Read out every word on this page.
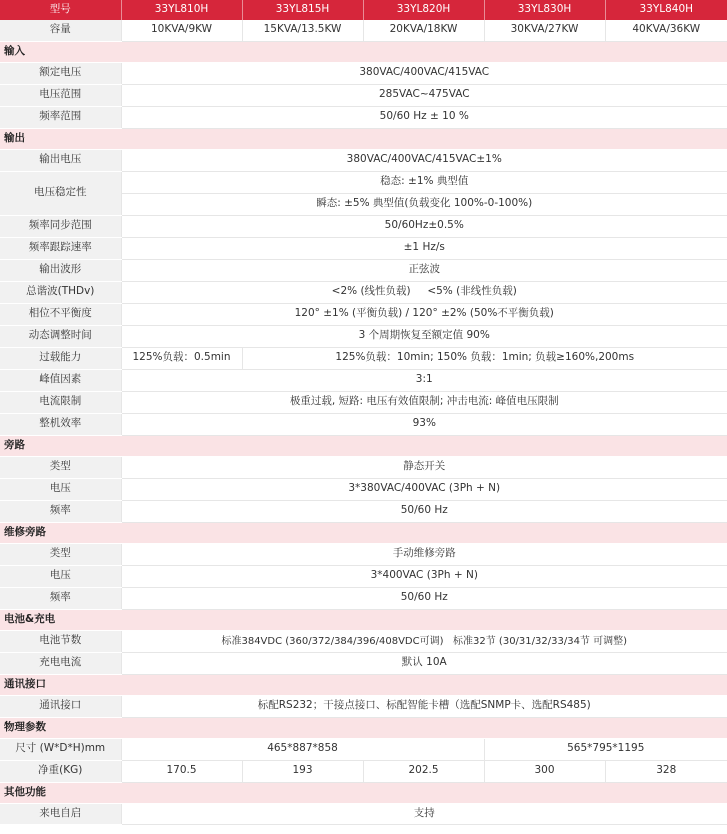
型号	33YL810H	33YL815H	33YL820H	33YL830H	33YL840H
容量	10KVA/9KW	15KVA/13.5KW	20KVA/18KW	30KVA/27KW	40KVA/36KW
输入					
额定电压	380VAC/400VAC/415VAC				
电压范围	285VAC~475VAC				
频率范围	50/60 Hz ± 10 %				
输出					
输出电压	380VAC/400VAC/415VAC±1%				
电压稳定性	稳态: ±1% 典型值				
	瞬态: ±5% 典型值(负载变化 100%-0-100%)				
频率同步范围	50/60Hz±0.5%				
频率跟踪速率	±1 Hz/s				
输出波形	正弦波				
总谐波(THDv)	<2% (线性负载)     <5% (非线性负载)				
相位不平衡度	120° ±1% (平衡负载) / 120° ±2% (50%不平衡负载)				
动态调整时间	3 个周期恢复至额定值 90%				
过载能力	125%负载：0.5min	125%负载：10min; 150% 负载：1min; 负载≥160%,200ms			
峰值因素	3:1				
电流限制	极重过载, 短路: 电压有效值限制; 冲击电流: 峰值电压限制				
整机效率	93%				
旁路					
类型	静态开关				
电压	3*380VAC/400VAC (3Ph + N)				
频率	50/60 Hz				
维修旁路					
类型	手动维修旁路				
电压	3*400VAC (3Ph + N)				
频率	50/60 Hz				
电池&充电					
电池节数	标准384VDC (360/372/384/396/408VDC可调)   标准32节 (30/31/32/33/34节 可调整)				
充电电流	默认 10A				
通讯接口					
通讯接口	标配RS232；干接点接口、标配智能卡槽（选配SNMP卡、选配RS485)				
物理参数					
尺寸 (W*D*H)mm	465*887*858			565*795*1195	
净重(KG)	170.5	193	202.5	300	328
其他功能					
来电自启	支持				
